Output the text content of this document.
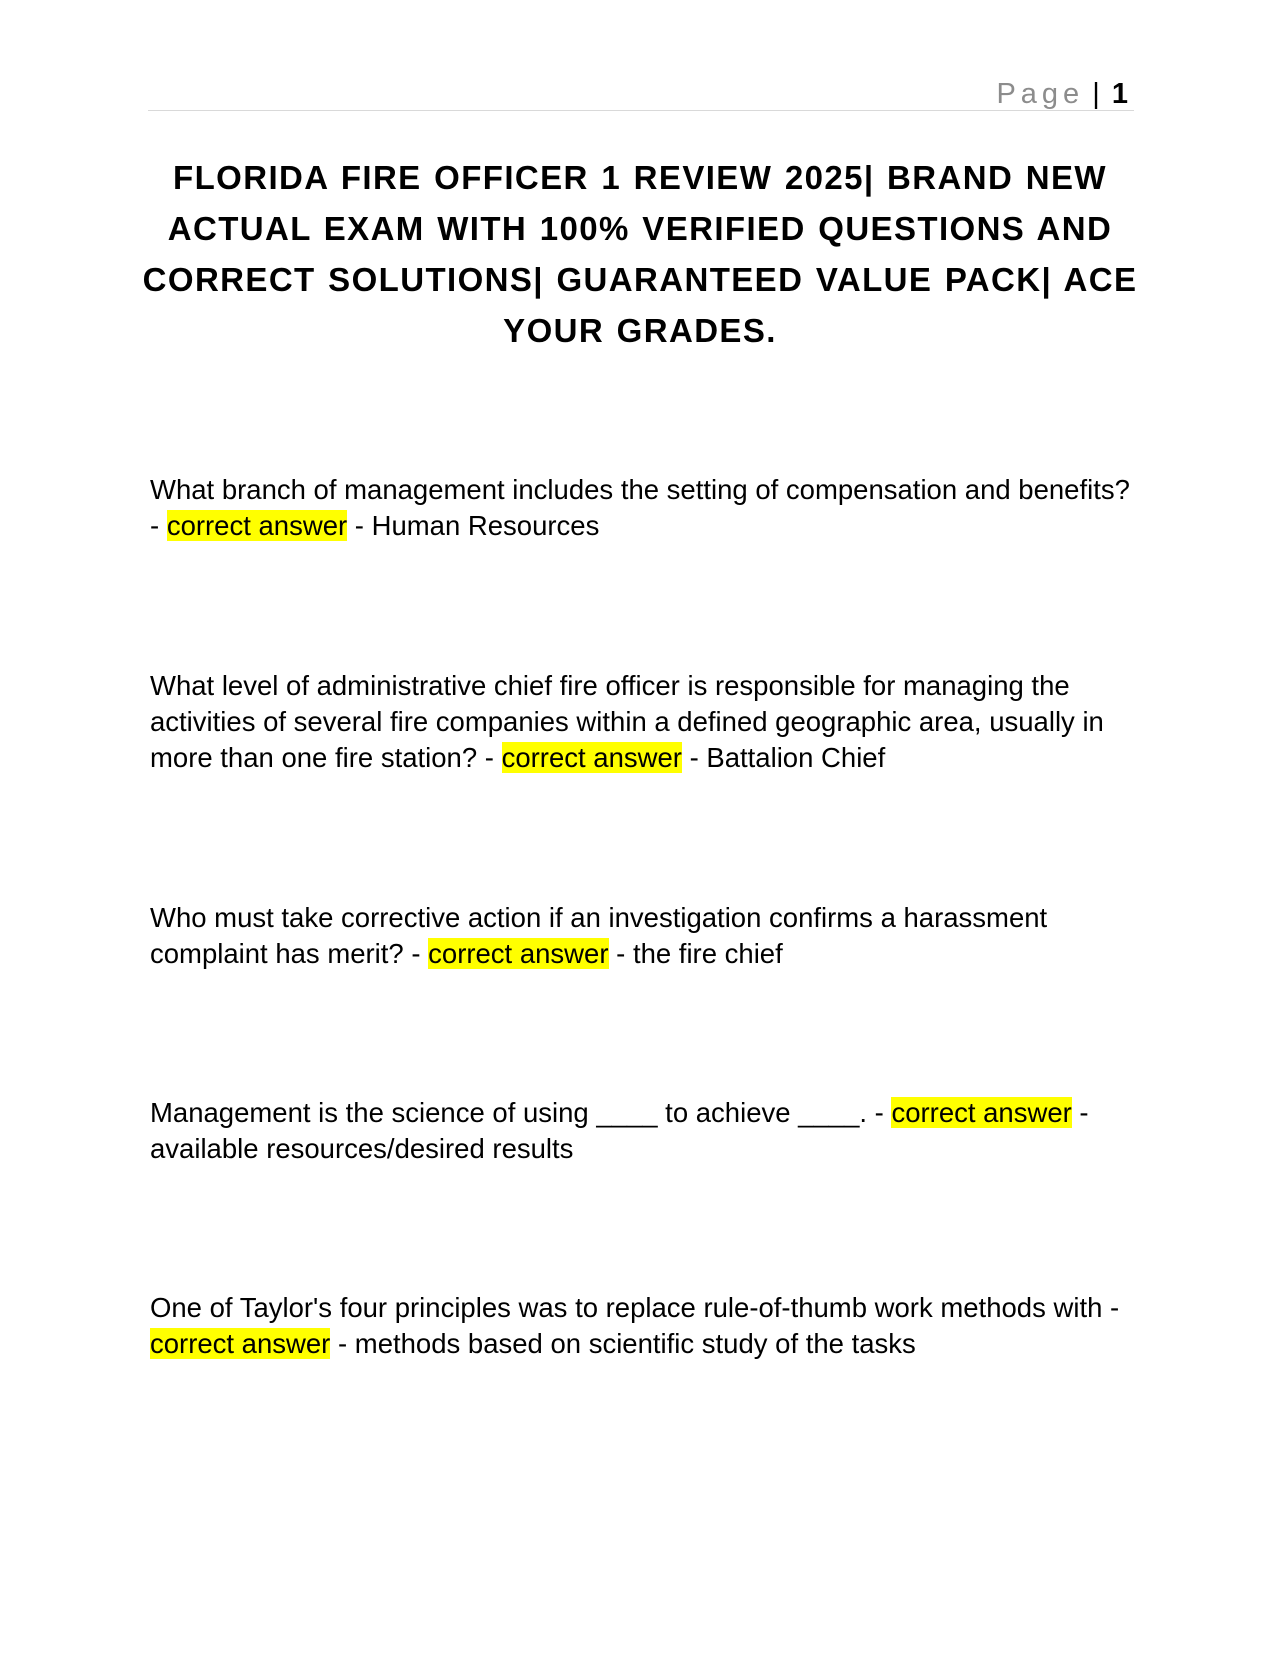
Page | 1
FLORIDA FIRE OFFICER 1 REVIEW 2025| BRAND NEW ACTUAL EXAM WITH 100% VERIFIED QUESTIONS AND CORRECT SOLUTIONS| GUARANTEED VALUE PACK| ACE YOUR GRADES.

What branch of management includes the setting of compensation and benefits? - correct answer - Human Resources

What level of administrative chief fire officer is responsible for managing the activities of several fire companies within a defined geographic area, usually in more than one fire station? - correct answer - Battalion Chief

Who must take corrective action if an investigation confirms a harassment complaint has merit? - correct answer - the fire chief

Management is the science of using ____ to achieve ____. - correct answer - available resources/desired results

One of Taylor's four principles was to replace rule-of-thumb work methods with - correct answer - methods based on scientific study of the tasks
